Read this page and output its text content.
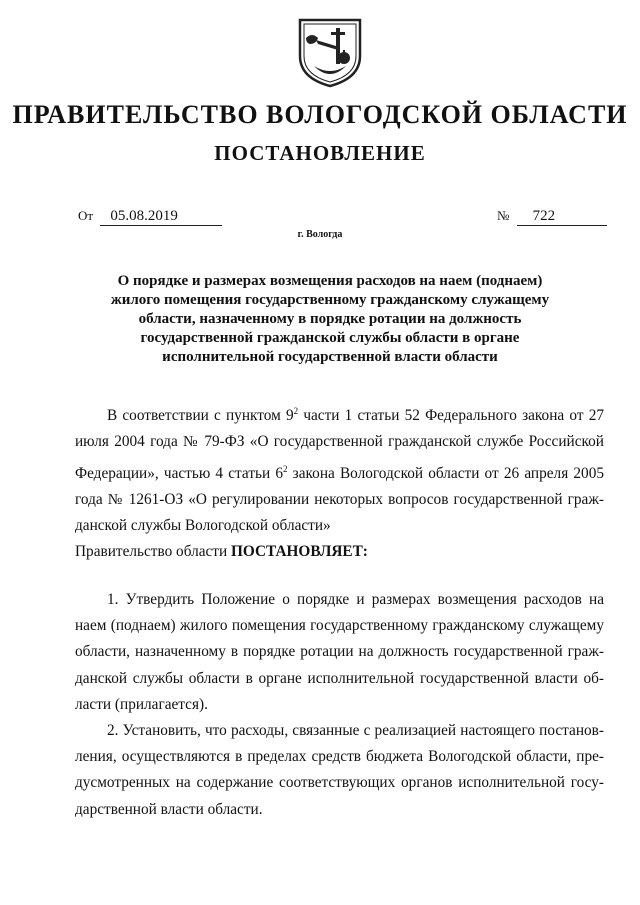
ПРАВИТЕЛЬСТВО ВОЛОГОДСКОЙ ОБЛАСТИ
ПОСТАНОВЛЕНИЕ
От 05.08.2019	№ 722
г. Вологда
О порядке и размерах возмещения расходов на наем (поднаем)
жилого помещения государственному гражданскому служащему
области, назначенному в порядке ротации на должность
государственной гражданской службы области в органе
исполнительной государственной власти области
В соответствии с пунктом $9^2$ части 1 статьи 52 Федерального закона от 27
июля 2004 года № 79-ФЗ «О государственной гражданской службе Российской
Федерации», частью 4 статьи $6^2$ закона Вологодской области от 26 апреля 2005
года № 1261-ОЗ «О регулировании некоторых вопросов государственной граж-
данской службы Вологодской области»
Правительство области ПОСТАНОВЛЯЕТ:
1. Утвердить Положение о порядке и размерах возмещения расходов на
наем (поднаем) жилого помещения государственному гражданскому служащему
области, назначенному в порядке ротации на должность государственной граж-
данской службы области в органе исполнительной государственной власти об-
ласти (прилагается).
2. Установить, что расходы, связанные с реализацией настоящего постанов-
ления, осуществляются в пределах средств бюджета Вологодской области, пре-
дусмотренных на содержание соответствующих органов исполнительной госу-
дарственной власти области.
